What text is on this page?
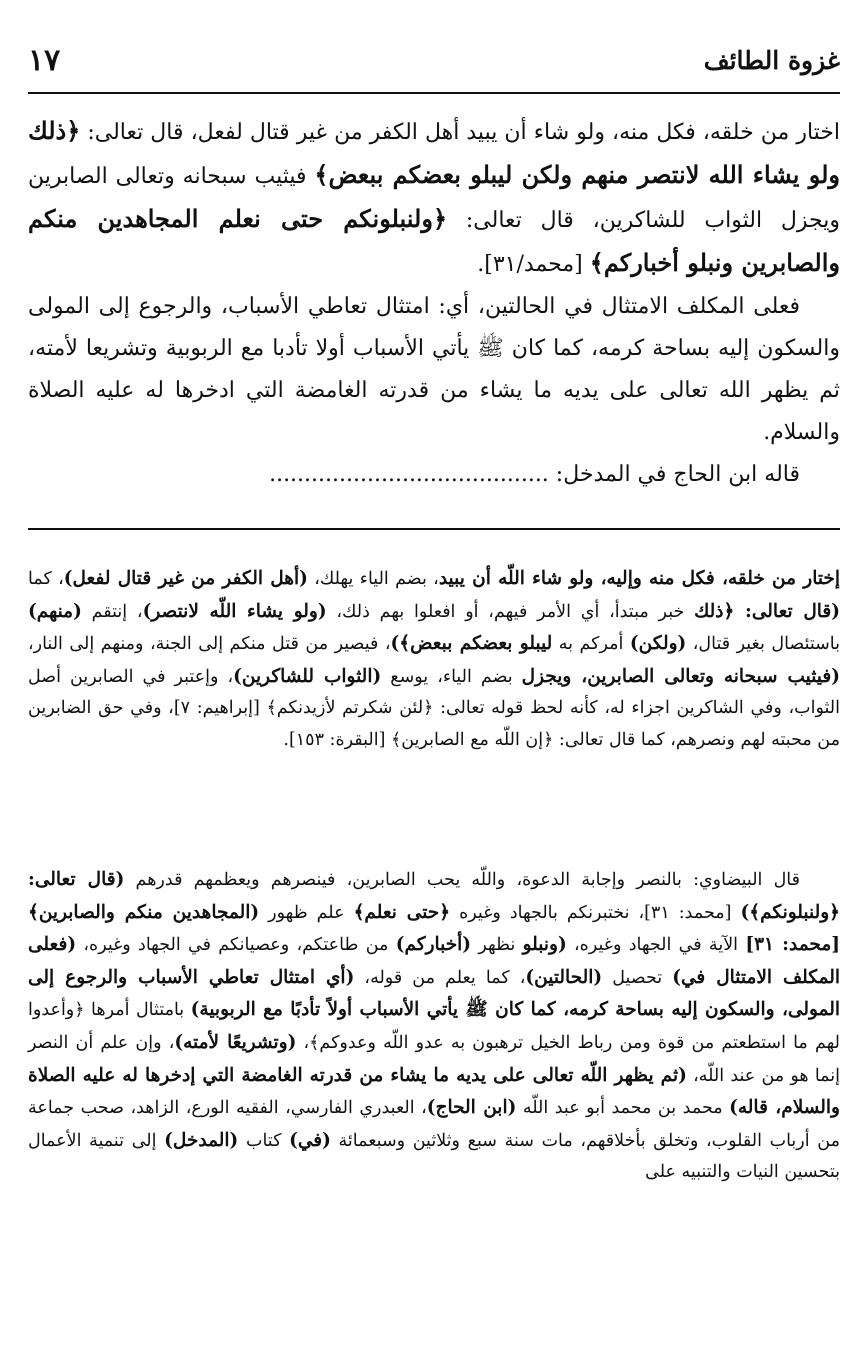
غزوة الطائف
١٧

اختار من خلقه، فكل منه، ولو شاء أن يبيد أهل الكفر من غير قتال لفعل، قال تعالى: ﴿ذلك ولو يشاء الله لانتصر منهم ولكن ليبلو بعضكم ببعض﴾ فيثيب سبحانه وتعالى الصابرين ويجزل الثواب للشاكرين، قال تعالى: ﴿ولنبلونكم حتى نعلم المجاهدين منكم والصابرين ونبلو أخباركم﴾ [محمد/٣١].

فعلى المكلف الامتثال في الحالتين، أي: امتثال تعاطي الأسباب، والرجوع إلى المولى والسكون إليه بساحة كرمه، كما كان ﷺ يأتي الأسباب أولا تأدبا مع الربوبية وتشريعا لأمته، ثم يظهر الله تعالى على يديه ما يشاء من قدرته الغامضة التي ادخرها له عليه الصلاة والسلام.

قاله ابن الحاج في المدخل: ........................................

إختار من خلقه، فكل منه وإليه، ولو شاء اللّه أن يبيد، بضم الياء يهلك، (أهل الكفر من غير قتال لفعل)، كما (قال تعالى: ﴿ذلك خبر مبتدأ، أي الأمر فيهم، أو افعلوا بهم ذلك، (ولو يشاء اللّه لانتصر)، إنتقم (منهم) باستئصال بغير قتال، (ولكن) أمركم به ليبلو بعضكم ببعض﴾)، فيصير من قتل منكم إلى الجنة، ومنهم إلى النار، (فيثيب سبحانه وتعالى الصابرين، ويجزل بضم الياء، يوسع (الثواب للشاكرين)، وإعتبر في الصابرين أصل الثواب، وفي الشاكرين اجزاء له، كأنه لحظ قوله تعالى: ﴿لئن شكرتم لأزيدنكم﴾ [إبراهيم: ٧]، وفي حق الضابرين من محبته لهم ونصرهم، كما قال تعالى: ﴿إن اللّه مع الصابرين﴾ [البقرة: ١٥٣].

قال البيضاوي: بالنصر وإجابة الدعوة، واللّه يحب الصابرين، فينصرهم ويعظمهم قدرهم (قال تعالى: ﴿ولنبلونكم﴾) [محمد: ٣١]، نختبرنكم بالجهاد وغيره ﴿حتى نعلم﴾ علم ظهور (المجاهدين منكم والصابرين﴾ [محمد: ٣١] الآية في الجهاد وغيره، (ونبلو نظهر (أخباركم) من طاعتكم، وعصيانكم في الجهاد وغيره، (فعلى المكلف الامتثال في) تحصيل (الحالتين)، كما يعلم من قوله، (أي امتثال تعاطي الأسباب والرجوع إلى المولى، والسكون إليه بساحة كرمه، كما كان ﷺ يأتي الأسباب أولاً تأدبًا مع الربوبية) بامتثال أمرها ﴿وأعدوا لهم ما استطعتم من قوة ومن رباط الخيل ترهبون به عدو اللّه وعدوكم﴾، (وتشريعًا لأمته)، وإن علم أن النصر إنما هو من عند اللّه، (ثم يظهر اللّه تعالى على يديه ما يشاء من قدرته الغامضة التي إدخرها له عليه الصلاة والسلام، قاله) محمد بن محمد أبو عبد اللّه (ابن الحاج)، العبدري الفارسي، الفقيه الورع، الزاهد، صحب جماعة من أرباب القلوب، وتخلق بأخلاقهم، مات سنة سبع وثلاثين وسبعمائة (في) كتاب (المدخل) إلى تنمية الأعمال بتحسين النيات والتنبيه على
